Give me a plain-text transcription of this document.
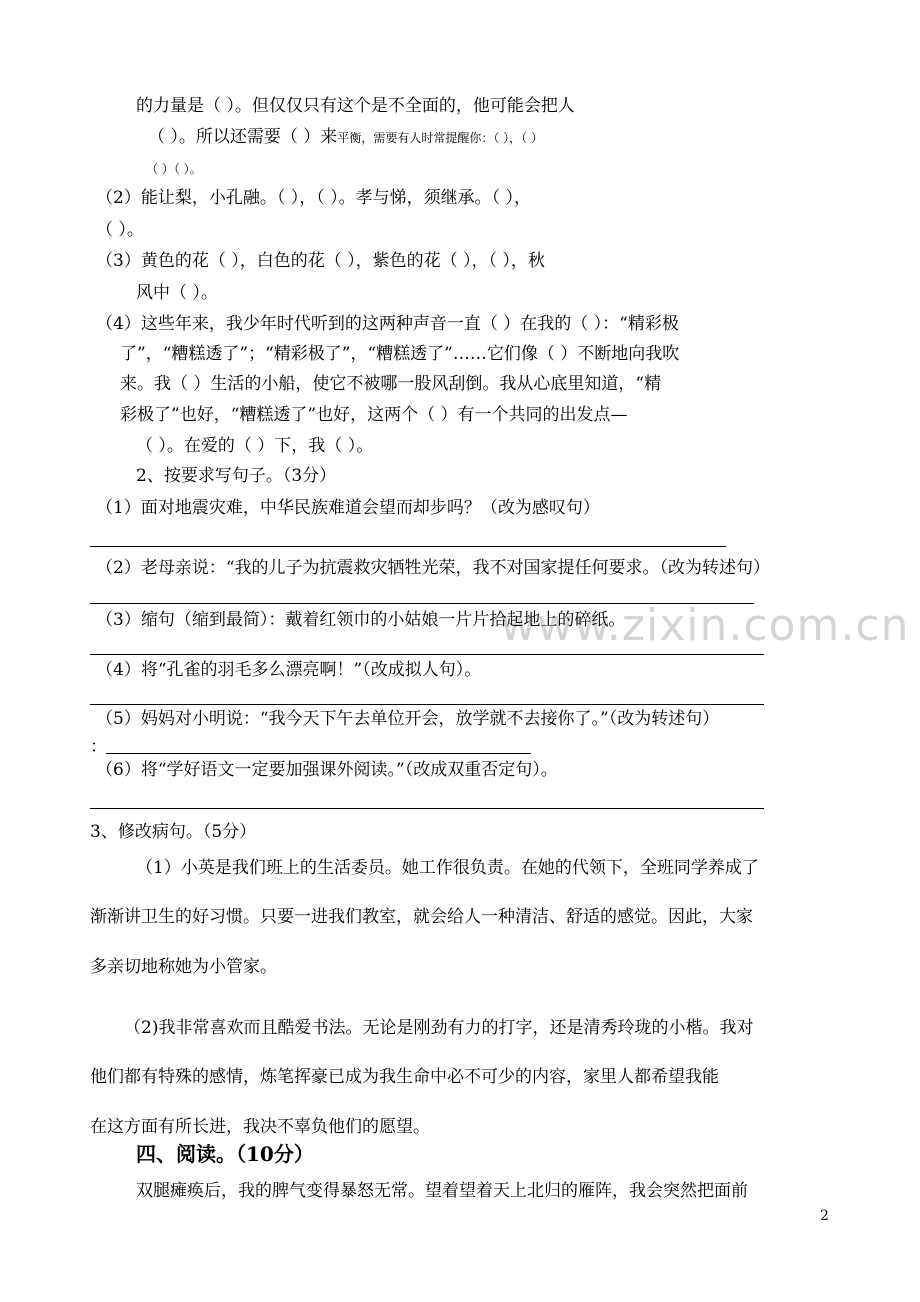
www.zixin.com.cn
的力量是（ ）。但仅仅只有这个是不全面的，他可能会把人
（ ）。所以还需要（ ）来平衡，需要有人时常提醒你：（ ），（ ）
（ ）（ ）。
（2）能让梨，小孔融。（ ），（ ）。孝与悌，须继承。（ ），
（ ）。
（3）黄色的花（ ），白色的花（ ），紫色的花（ ），（ ），秋
风中（ ）。
（4）这些年来，我少年时代听到的这两种声音一直（ ）在我的（ ）：“精彩极
了”，“糟糕透了”；“精彩极了”，“糟糕透了”……它们像（ ）不断地向我吹
来。我（ ）生活的小船，使它不被哪一股风刮倒。我从心底里知道，“精
彩极了”也好，“糟糕透了”也好，这两个（ ）有一个共同的出发点—
（ ）。在爱的（ ）下，我（ ）。
2、按要求写句子。（3分）
（1）面对地震灾难，中华民族难道会望而却步吗？（改为感叹句）
（2）老母亲说：“我的儿子为抗震救灾牺牲光荣，我不对国家提任何要求。（改为转述句）
（3）缩句（缩到最简）：戴着红领巾的小姑娘一片片拾起地上的碎纸。
（4）将“孔雀的羽毛多么漂亮啊！”（改成拟人句）。
（5）妈妈对小明说：“我今天下午去单位开会，放学就不去接你了。”（改为转述句）
：
（6）将“学好语文一定要加强课外阅读。”（改成双重否定句）。
3、修改病句。（5分）
（1）小英是我们班上的生活委员。她工作很负责。在她的代领下，全班同学养成了
渐渐讲卫生的好习惯。只要一进我们教室，就会给人一种清洁、舒适的感觉。因此，大家
多亲切地称她为小管家。
（2)我非常喜欢而且酷爱书法。无论是刚劲有力的打字，还是清秀玲珑的小楷。我对
他们都有特殊的感情，炼笔挥豪已成为我生命中必不可少的内容，家里人都希望我能
在这方面有所长进，我决不辜负他们的愿望。
四、阅读。（10分）
双腿瘫痪后，我的脾气变得暴怒无常。望着望着天上北归的雁阵，我会突然把面前
2
